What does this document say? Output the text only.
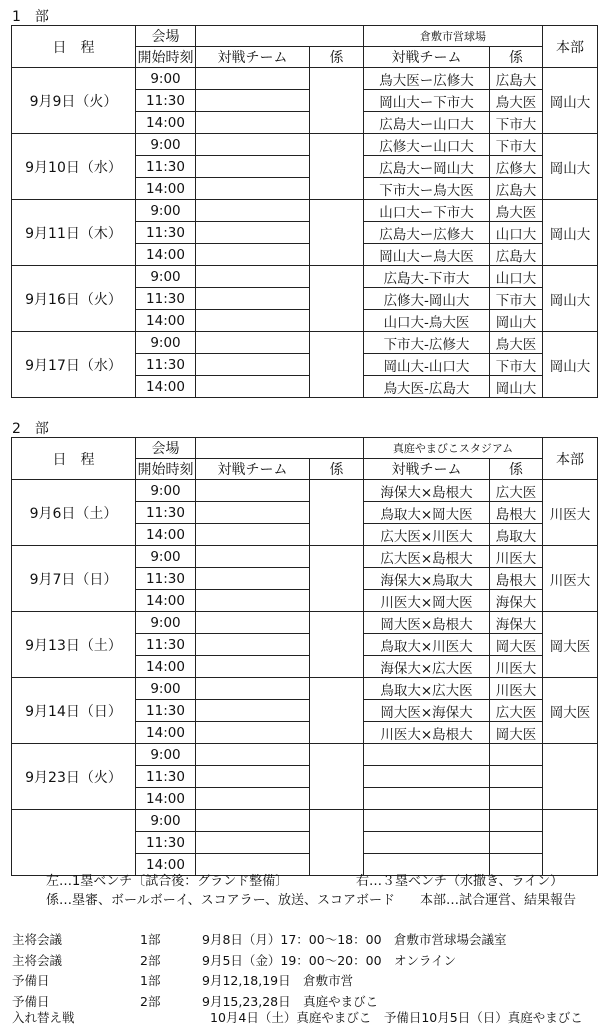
1　部
日　程	会場			倉敷市営球場		本部
	開始時刻	対戦チーム	係	対戦チーム	係	
9月9日（火）	9:00			鳥大医ー広修大	広島大	岡山大
	11:30			岡山大ー下市大	鳥大医	
	14:00			広島大ー山口大	下市大	
9月10日（水）	9:00			広修大ー山口大	下市大	岡山大
	11:30			広島大ー岡山大	広修大	
	14:00			下市大ー鳥大医	広島大	
9月11日（木）	9:00			山口大ー下市大	鳥大医	岡山大
	11:30			広島大ー広修大	山口大	
	14:00			岡山大ー鳥大医	広島大	
9月16日（火）	9:00			広島大-下市大	山口大	岡山大
	11:30			広修大-岡山大	下市大	
	14:00			山口大-鳥大医	岡山大	
9月17日（水）	9:00			下市大-広修大	鳥大医	岡山大
	11:30			岡山大-山口大	下市大	
	14:00			鳥大医-広島大	岡山大	
2　部
日　程	会場			真庭やまびこスタジアム		本部
	開始時刻	対戦チーム	係	対戦チーム	係	
9月6日（土）	9:00			海保大×島根大	広大医	川医大
	11:30			鳥取大×岡大医	島根大	
	14:00			広大医×川医大	鳥取大	
9月7日（日）	9:00			広大医×島根大	川医大	川医大
	11:30			海保大×鳥取大	島根大	
	14:00			川医大×岡大医	海保大	
9月13日（土）	9:00			岡大医×島根大	海保大	岡大医
	11:30			鳥取大×川医大	岡大医	
	14:00			海保大×広大医	川医大	
9月14日（日）	9:00			鳥取大×広大医	川医大	岡大医
	11:30			岡大医×海保大	広大医	
	14:00			川医大×島根大	岡大医	
9月23日（火）	9:00					
	11:30					
	14:00					
	9:00					
	11:30					
	14:00					
左…1塁ベンチ〔試合後：グランド整備〕	右…３塁ベンチ（水撒き、ライン）
係…塁審、ボールボーイ、スコアラー、放送、スコアボード 本部…試合運営、結果報告
主将会議	1部	9月8日（月）17：00～18：00　倉敷市営球場会議室
主将会議	2部	9月5日（金）19：00～20：00　オンライン
予備日	1部	9月12,18,19日　倉敷市営
予備日	2部	9月15,23,28日　真庭やまびこ
入れ替え戦	10月4日（土）真庭やまびこ　予備日10月5日（日）真庭やまびこ
